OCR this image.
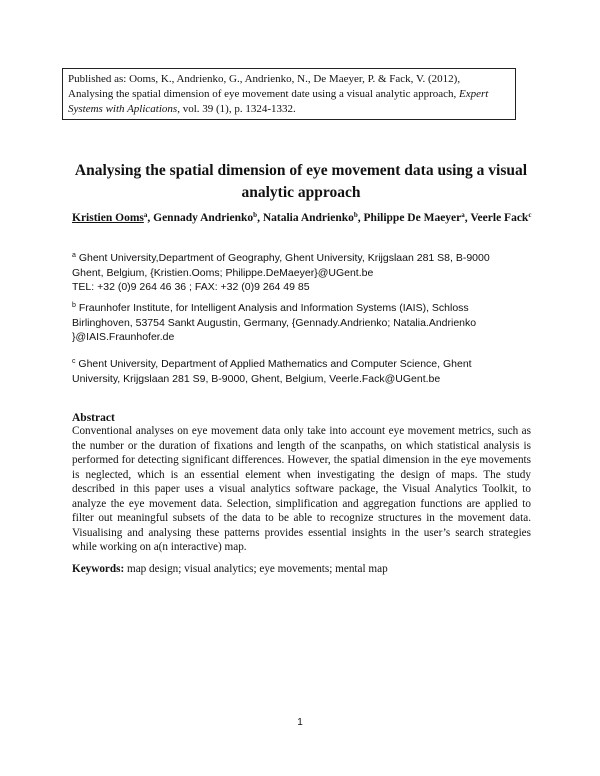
Published as: Ooms, K., Andrienko, G., Andrienko, N., De Maeyer, P. & Fack, V. (2012),
Analysing the spatial dimension of eye movement date using a visual analytic approach, Expert
Systems with Aplications, vol. 39 (1), p. 1324-1332.
Analysing the spatial dimension of eye movement data using a visual
analytic approach
Kristien Ooms$^a$, Gennady Andrienko$^b$, Natalia Andrienko$^b$, Philippe De Maeyer$^a$, Veerle Fack$^c$
$^a$ Ghent University,Department of Geography, Ghent University, Krijgslaan 281 S8, B-9000
Ghent, Belgium, {Kristien.Ooms; Philippe.DeMaeyer}@UGent.be
TEL: +32 (0)9 264 46 36 ; FAX: +32 (0)9 264 49 85
$^b$ Fraunhofer Institute, for Intelligent Analysis and Information Systems (IAIS), Schloss
Birlinghoven, 53754 Sankt Augustin, Germany, {Gennady.Andrienko; Natalia.Andrienko
}@IAIS.Fraunhofer.de
$^c$ Ghent University, Department of Applied Mathematics and Computer Science, Ghent
University, Krijgslaan 281 S9, B-9000, Ghent, Belgium, Veerle.Fack@UGent.be
Abstract
Conventional analyses on eye movement data only take into account eye movement metrics, such as the number or the duration of fixations and length of the scanpaths, on which statistical analysis is performed for detecting significant differences. However, the spatial dimension in the eye movements is neglected, which is an essential element when investigating the design of maps. The study described in this paper uses a visual analytics software package, the Visual Analytics Toolkit, to analyze the eye movement data. Selection, simplification and aggregation functions are applied to filter out meaningful subsets of the data to be able to recognize structures in the movement data. Visualising and analysing these patterns provides essential insights in the user’s search strategies while working on a(n interactive) map.
Keywords: map design; visual analytics; eye movements; mental map
1
